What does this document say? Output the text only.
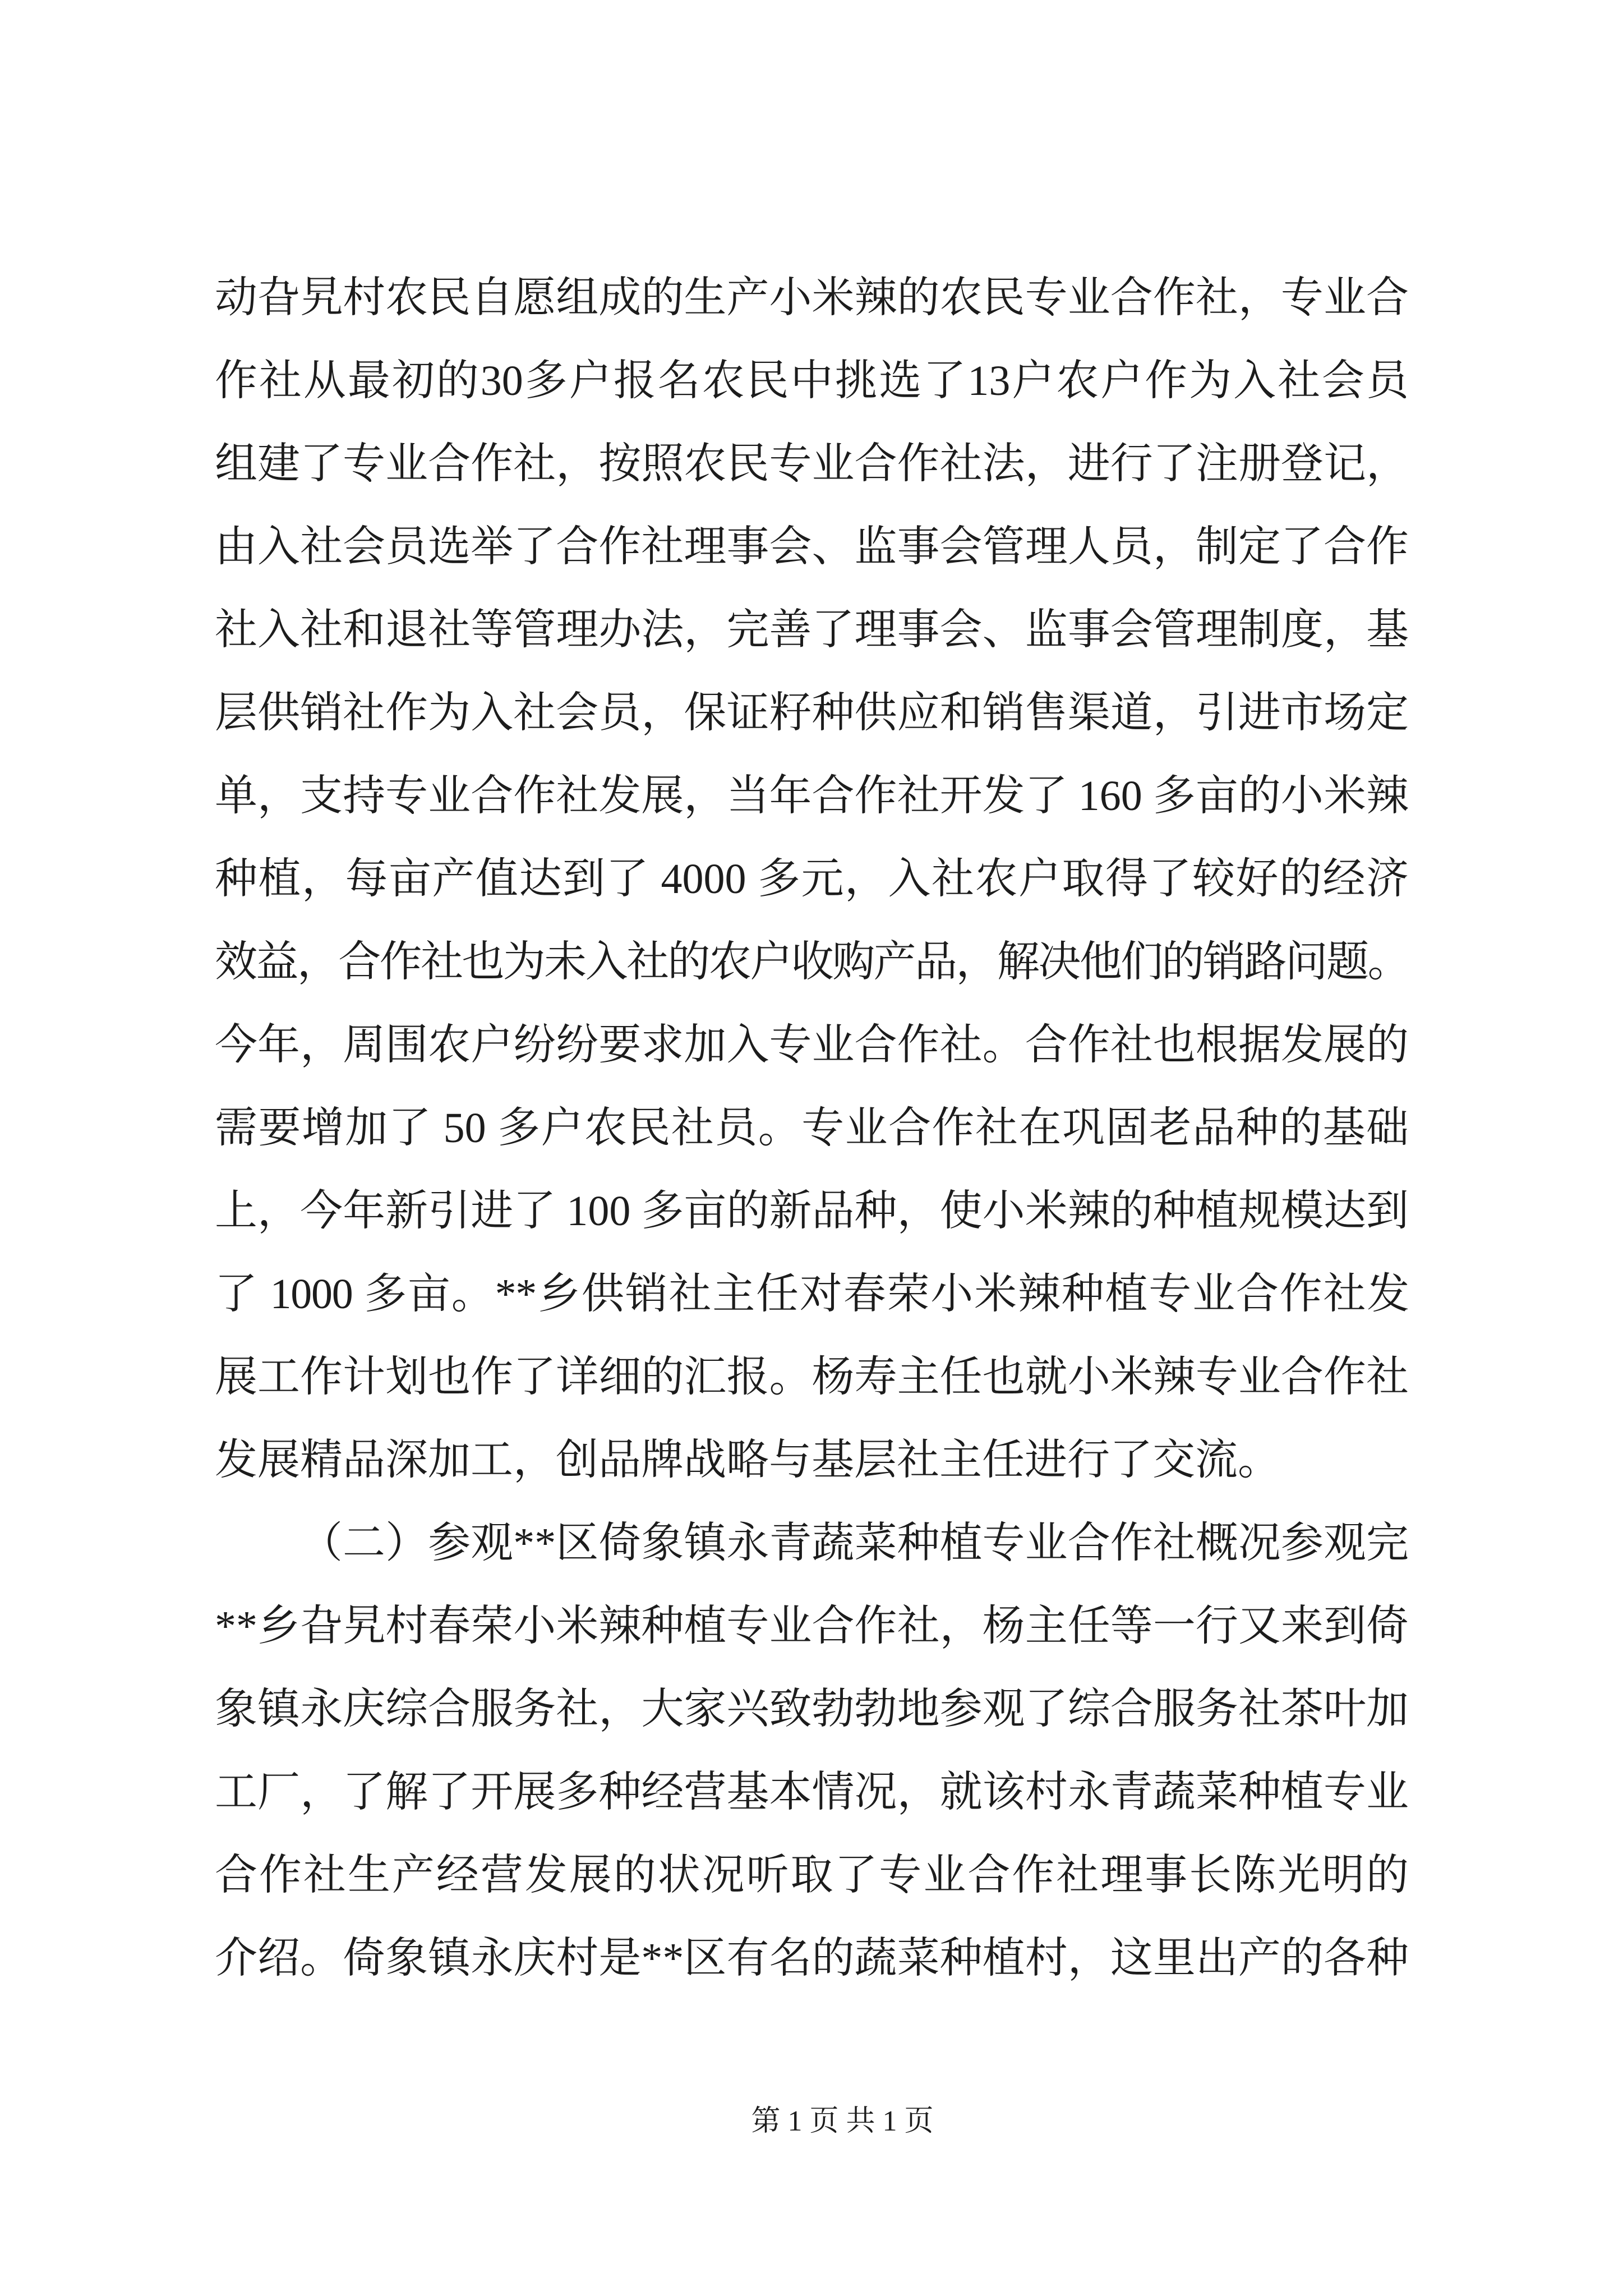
动旮旯村农民自愿组成的生产小米辣的农民专业合作社，专业合
作社从最初的30多户报名农民中挑选了13户农户作为入社会员
组建了专业合作社，按照农民专业合作社法，进行了注册登记，
由入社会员选举了合作社理事会、监事会管理人员，制定了合作
社入社和退社等管理办法，完善了理事会、监事会管理制度，基
层供销社作为入社会员，保证籽种供应和销售渠道，引进市场定
单，支持专业合作社发展，当年合作社开发了 160 多亩的小米辣
种植，每亩产值达到了 4000 多元，入社农户取得了较好的经济
效益，合作社也为未入社的农户收购产品，解决他们的销路问题。
今年，周围农户纷纷要求加入专业合作社。合作社也根据发展的
需要增加了 50 多户农民社员。专业合作社在巩固老品种的基础
上，今年新引进了 100 多亩的新品种，使小米辣的种植规模达到
了 1000 多亩。**乡供销社主任对春荣小米辣种植专业合作社发
展工作计划也作了详细的汇报。杨寿主任也就小米辣专业合作社
发展精品深加工，创品牌战略与基层社主任进行了交流。
（二）参观**区倚象镇永青蔬菜种植专业合作社概况参观完
**乡旮旯村春荣小米辣种植专业合作社，杨主任等一行又来到倚
象镇永庆综合服务社，大家兴致勃勃地参观了综合服务社茶叶加
工厂，了解了开展多种经营基本情况，就该村永青蔬菜种植专业
合作社生产经营发展的状况听取了专业合作社理事长陈光明的
介绍。倚象镇永庆村是**区有名的蔬菜种植村，这里出产的各种
第 1 页 共 1 页
